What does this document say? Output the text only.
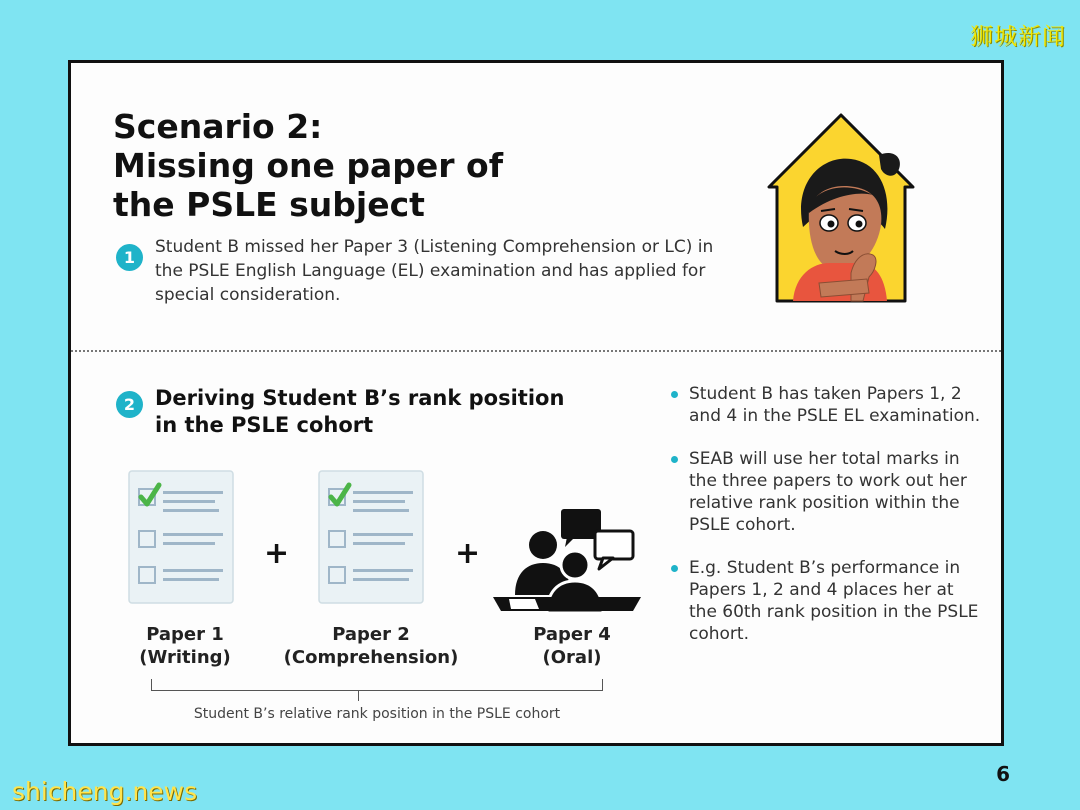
狮城新闻
Scenario 2:
Missing one paper of
the PSLE subject
1

Student B missed her Paper 3 (Listening Comprehension or LC) in the PSLE English Language (EL) examination and has applied for special consideration.

2 Deriving Student B’s rank position
in the PSLE cohort
+	+
Paper 1
(Writing)
Paper 2
(Comprehension)
Paper 4
(Oral)
Student B’s relative rank position in the PSLE cohort
Student B has taken Papers 1, 2 and 4 in the PSLE EL examination.
SEAB will use her total marks in the three papers to work out her relative rank position within the PSLE cohort.
E.g. Student B’s performance in Papers 1, 2 and 4 places her at the 60th rank position in the PSLE cohort.
6
shicheng.news
